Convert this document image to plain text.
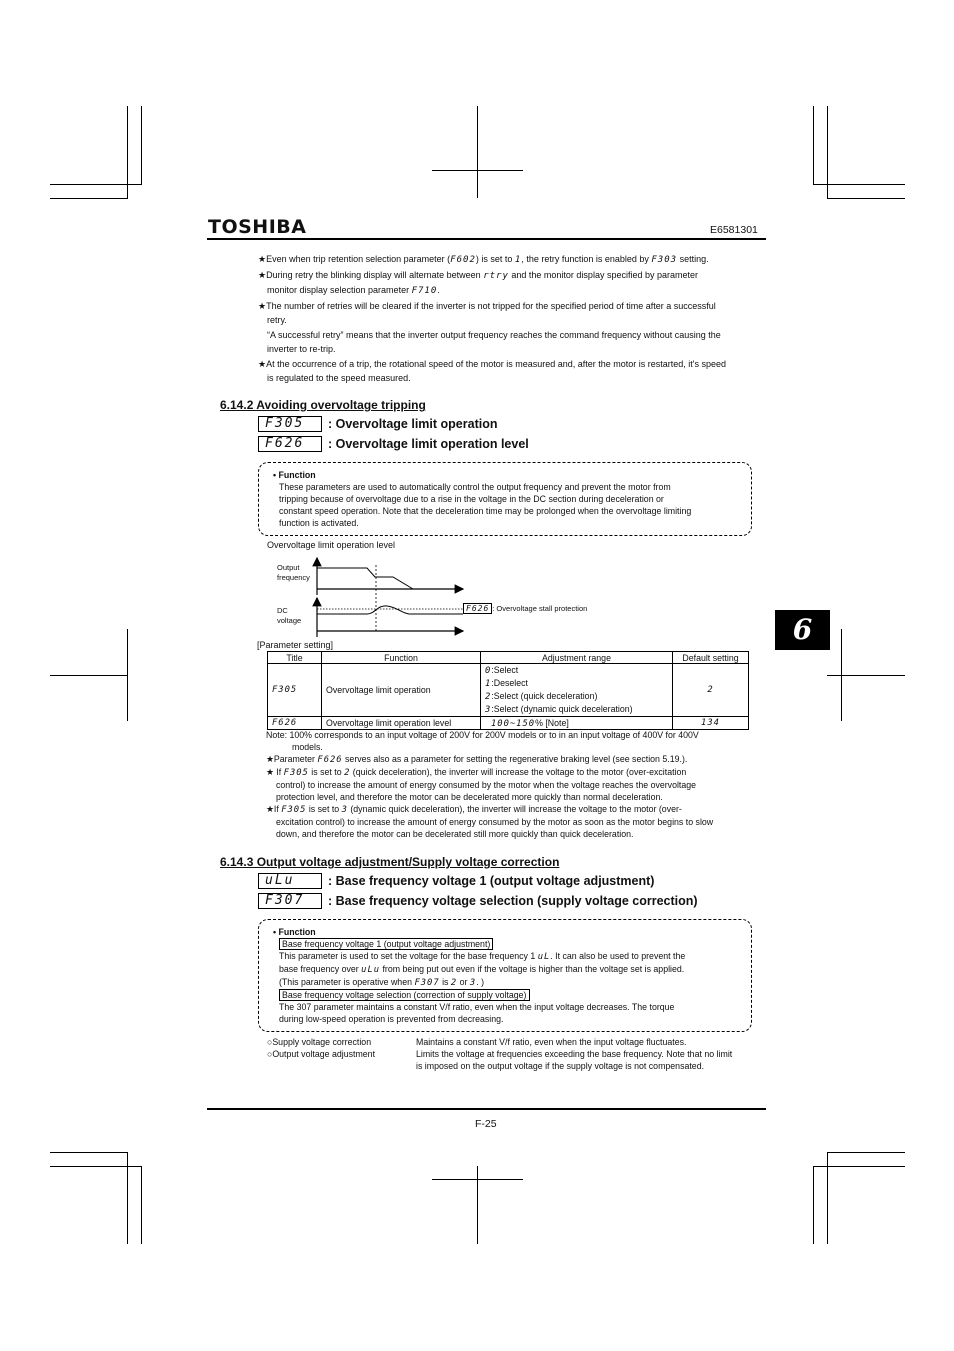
TOSHIBA	E6581301
6
★Even when trip retention selection parameter (F602) is set to 1, the retry function is enabled by F303 setting.
★During retry the blinking display will alternate between rtry and the monitor display specified by parameter
monitor display selection parameter F710.
★The number of retries will be cleared if the inverter is not tripped for the specified period of time after a successful
retry.
“A successful retry” means that the inverter output frequency reaches the command frequency without causing the
inverter to re-trip.
★At the occurrence of a trip, the rotational speed of the motor is measured and, after the motor is restarted, it's speed
is regulated to the speed measured.
6.14.2 Avoiding overvoltage tripping
F305	: Overvoltage limit operation
F626	: Overvoltage limit operation level
• Function
These parameters are used to automatically control the output frequency and prevent the motor from
tripping because of overvoltage due to a rise in the voltage in the DC section during deceleration or
constant speed operation. Note that the deceleration time may be prolonged when the overvoltage limiting
function is activated.
Overvoltage limit operation level
Output
frequency
DC
voltage
F626 : Overvoltage stall protection
[Parameter setting]
Title	Function	Adjustment range	Default setting
F305	Overvoltage limit operation	0:Select
1:Deselect
2:Select (quick deceleration)
3:Select (dynamic quick deceleration)	2
F626	Overvoltage limit operation level	100~150% [Note]	134
Note: 100% corresponds to an input voltage of 200V for 200V models or to in an input voltage of 400V for 400V
models.
★Parameter F626 serves also as a parameter for setting the regenerative braking level (see section 5.19.).
★ If F305 is set to 2 (quick deceleration), the inverter will increase the voltage to the motor (over-excitation
control) to increase the amount of energy consumed by the motor when the voltage reaches the overvoltage
protection level, and therefore the motor can be decelerated more quickly than normal deceleration.
★If F305 is set to 3 (dynamic quick deceleration), the inverter will increase the voltage to the motor (over-
excitation control) to increase the amount of energy consumed by the motor as soon as the motor begins to slow
down, and therefore the motor can be decelerated still more quickly than quick deceleration.
6.14.3 Output voltage adjustment/Supply voltage correction
uLu	: Base frequency voltage 1 (output voltage adjustment)
F307	: Base frequency voltage selection (supply voltage correction)
• Function
Base frequency voltage 1 (output voltage adjustment)
This parameter is used to set the voltage for the base frequency 1 uL. It can also be used to prevent the
base frequency over uLu from being put out even if the voltage is higher than the voltage set is applied.
(This parameter is operative when F307 is 2 or 3. )
Base frequency voltage selection (correction of supply voltage)
The 307 parameter maintains a constant V/f ratio, even when the input voltage decreases. The torque
during low-speed operation is prevented from decreasing.
○Supply voltage correction	Maintains a constant V/f ratio, even when the input voltage fluctuates.
○Output voltage adjustment	Limits the voltage at frequencies exceeding the base frequency. Note that no limit
is imposed on the output voltage if the supply voltage is not compensated.
F-25
